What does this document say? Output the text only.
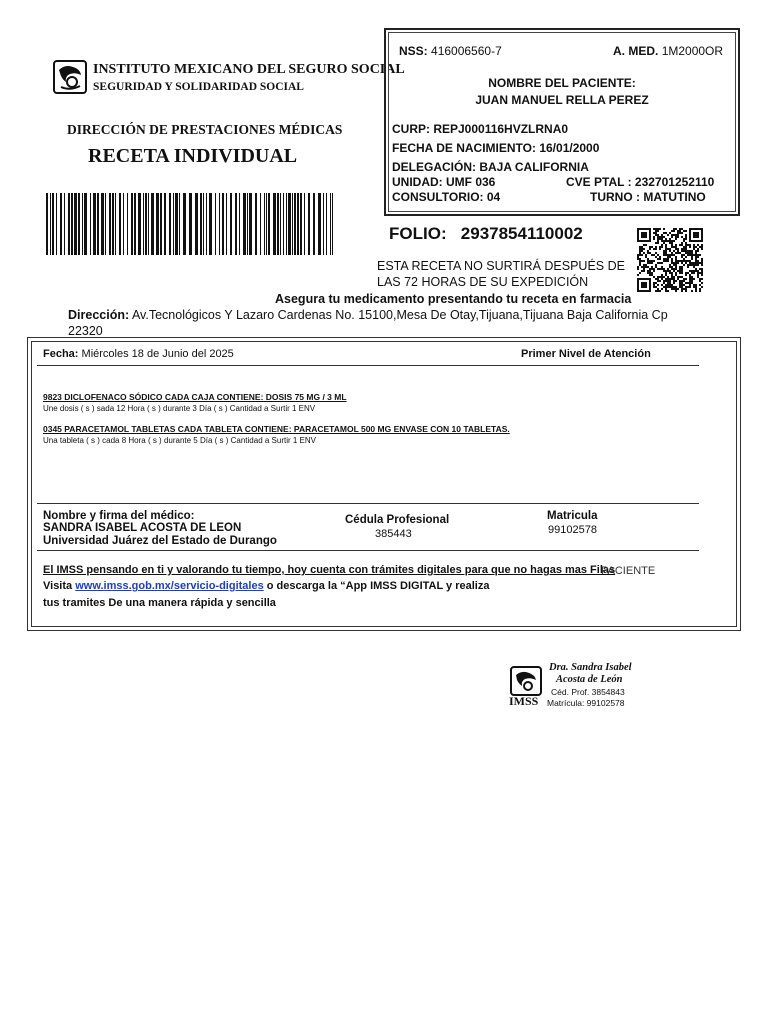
INSTITUTO MEXICANO DEL SEGURO SOCIAL
SEGURIDAD Y SOLIDARIDAD SOCIAL
DIRECCIÓN DE PRESTACIONES MÉDICAS
RECETA INDIVIDUAL
NSS: 416006560-7	A. MED. 1M2000OR
NOMBRE DEL PACIENTE:
JUAN MANUEL RELLA PEREZ
CURP: REPJ000116HVZLRNA0
FECHA DE NACIMIENTO: 16/01/2000
DELEGACIÓN: BAJA CALIFORNIA
UNIDAD: UMF 036	CVE PTAL : 232701252110
CONSULTORIO: 04	TURNO : MATUTINO
FOLIO: 2937854110002
ESTA RECETA NO SURTIRÁ DESPUÉS DE LAS 72 HORAS DE SU EXPEDICIÓN
Asegura tu medicamento presentando tu receta en farmacia
Dirección: Av.Tecnológicos Y Lazaro Cardenas No. 15100,Mesa De Otay,Tijuana,Tijuana Baja California Cp 22320
Fecha: Miércoles 18 de Junio del 2025	Primer Nivel de Atención
9823 DICLOFENACO SÓDICO CADA CAJA CONTIENE: DOSIS 75 MG / 3 ML
Une dosis ( s ) sada 12 Hora ( s ) durante 3 Día ( s ) Cantidad a Surtir 1 ENV
0345 PARACETAMOL TABLETAS CADA TABLETA CONTIENE: PARACETAMOL 500 MG ENVASE CON 10 TABLETAS.
Una tableta ( s ) cada 8 Hora ( s ) durante 5 Día ( s ) Cantidad a Surtir 1 ENV
Nombre y firma del médico:
SANDRA ISABEL ACOSTA DE LEON
Universidad Juárez del Estado de Durango
Cédula Profesional
385443
Matricula
99102578
El IMSS pensando en ti y valorando tu tiempo, hoy cuenta con trámites digitales para que no hagas mas Filas
PACIENTE
Visita www.imss.gob.mx/servicio-digitales o descarga la “App IMSS DIGITAL y realiza
tus tramites De una manera rápida y sencilla
IMSS
Dra. Sandra Isabel
Acosta de León
Céd. Prof. 3854843
Matrícula: 99102578
